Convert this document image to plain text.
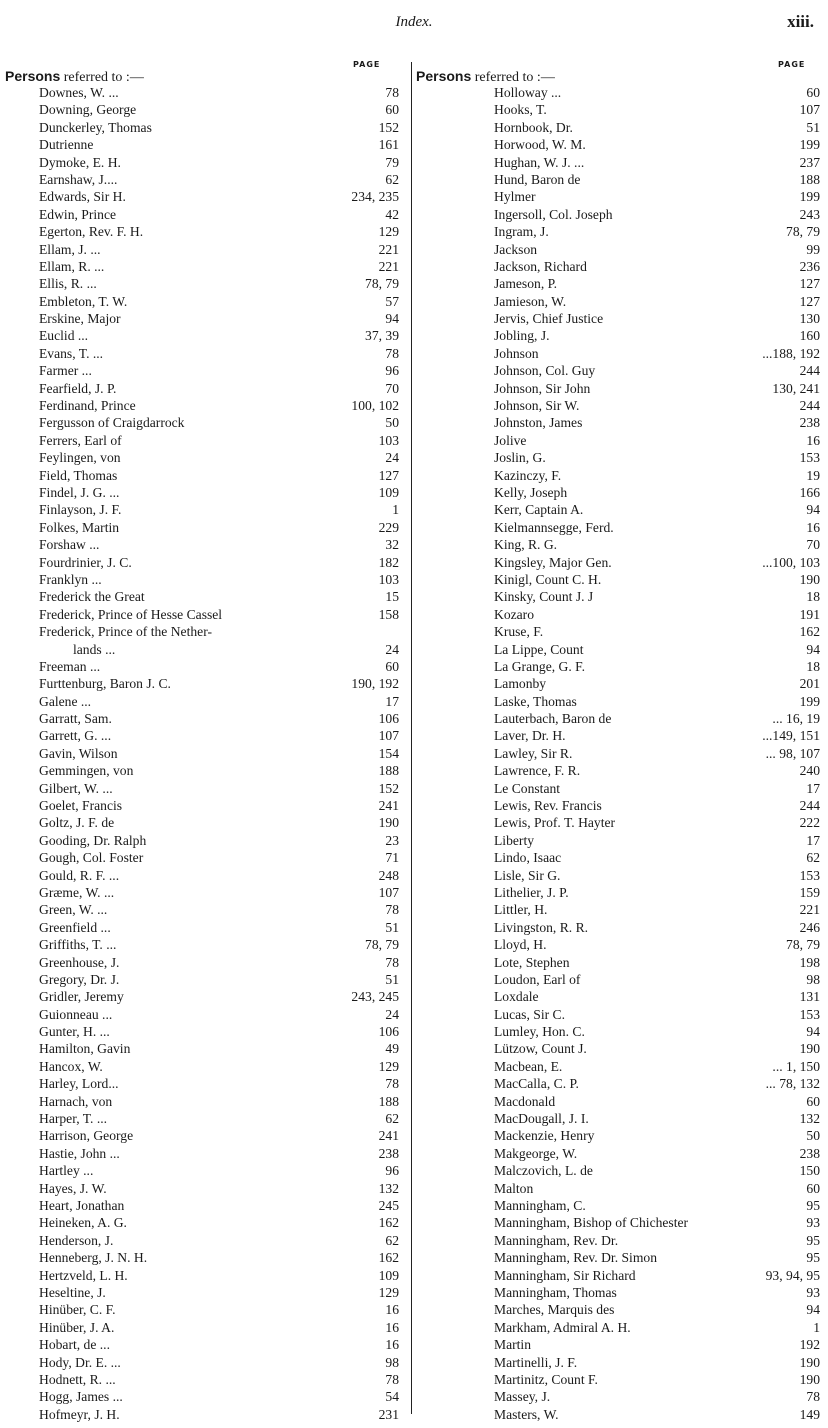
Index.	xiii.
PAGE
Persons referred to :—
Downes, W. ...	78
Downing, George	60
Dunckerley, Thomas	152
Dutrienne	161
Dymoke, E. H.	79
Earnshaw, J....	62
Edwards, Sir H.	234, 235
Edwin, Prince	42
Egerton, Rev. F. H.	129
Ellam, J. ...	221
Ellam, R. ...	221
Ellis, R. ...	78, 79
Embleton, T. W.	57
Erskine, Major	94
Euclid ...	37, 39
Evans, T. ...	78
Farmer ...	96
Fearfield, J. P.	70
Ferdinand, Prince	100, 102
Fergusson of Craigdarrock	50
Ferrers, Earl of	103
Feylingen, von	24
Field, Thomas	127
Findel, J. G. ...	109
Finlayson, J. F.	1
Folkes, Martin	229
Forshaw ...	32
Fourdrinier, J. C.	182
Franklyn ...	103
Frederick the Great	15
Frederick, Prince of Hesse Cassel	158
Frederick, Prince of the Nether-
lands ...	24
Freeman ...	60
Furttenburg, Baron J. C.	190, 192
Galene ...	17
Garratt, Sam.	106
Garrett, G. ...	107
Gavin, Wilson	154
Gemmingen, von	188
Gilbert, W. ...	152
Goelet, Francis	241
Goltz, J. F. de	190
Gooding, Dr. Ralph	23
Gough, Col. Foster	71
Gould, R. F. ...	248
Græme, W. ...	107
Green, W. ...	78
Greenfield ...	51
Griffiths, T. ...	78, 79
Greenhouse, J.	78
Gregory, Dr. J.	51
Gridler, Jeremy	243, 245
Guionneau ...	24
Gunter, H. ...	106
Hamilton, Gavin	49
Hancox, W.	129
Harley, Lord...	78
Harnach, von	188
Harper, T. ...	62
Harrison, George	241
Hastie, John ...	238
Hartley ...	96
Hayes, J. W.	132
Heart, Jonathan	245
Heineken, A. G.	162
Henderson, J.	62
Henneberg, J. N. H.	162
Hertzveld, L. H.	109
Heseltine, J.	129
Hinüber, C. F.	16
Hinüber, J. A.	16
Hobart, de ...	16
Hody, Dr. E. ...	98
Hodnett, R. ...	78
Hogg, James ...	54
Hofmeyr, J. H.	231
PAGE
Persons referred to :—
Holloway ...	60
Hooks, T.	107
Hornbook, Dr.	51
Horwood, W. M.	199
Hughan, W. J. ...	237
Hund, Baron de	188
Hylmer	199
Ingersoll, Col. Joseph	243
Ingram, J.	78, 79
Jackson	99
Jackson, Richard	236
Jameson, P.	127
Jamieson, W.	127
Jervis, Chief Justice	130
Jobling, J.	160
Johnson	...188, 192
Johnson, Col. Guy	244
Johnson, Sir John	130, 241
Johnson, Sir W.	244
Johnston, James	238
Jolive	16
Joslin, G.	153
Kazinczy, F.	19
Kelly, Joseph	166
Kerr, Captain A.	94
Kielmannsegge, Ferd.	16
King, R. G.	70
Kingsley, Major Gen.	...100, 103
Kinigl, Count C. H.	190
Kinsky, Count J. J	18
Kozaro	191
Kruse, F.	162
La Lippe, Count	94
La Grange, G. F.	18
Lamonby	201
Laske, Thomas	199
Lauterbach, Baron de	... 16, 19
Laver, Dr. H.	...149, 151
Lawley, Sir R.	... 98, 107
Lawrence, F. R.	240
Le Constant	17
Lewis, Rev. Francis	244
Lewis, Prof. T. Hayter	222
Liberty	17
Lindo, Isaac	62
Lisle, Sir G.	153
Lithelier, J. P.	159
Littler, H.	221
Livingston, R. R.	246
Lloyd, H.	78, 79
Lote, Stephen	198
Loudon, Earl of	98
Loxdale	131
Lucas, Sir C.	153
Lumley, Hon. C.	94
Lützow, Count J.	190
Macbean, E.	... 1, 150
MacCalla, C. P.	... 78, 132
Macdonald	60
MacDougall, J. I.	132
Mackenzie, Henry	50
Makgeorge, W.	238
Malczovich, L. de	150
Malton	60
Manningham, C.	95
Manningham, Bishop of Chichester	93
Manningham, Rev. Dr.	95
Manningham, Rev. Dr. Simon	95
Manningham, Sir Richard	93, 94, 95
Manningham, Thomas	93
Marches, Marquis des	94
Markham, Admiral A. H.	1
Martin	192
Martinelli, J. F.	190
Martinitz, Count F.	190
Massey, J.	78
Masters, W.	149
